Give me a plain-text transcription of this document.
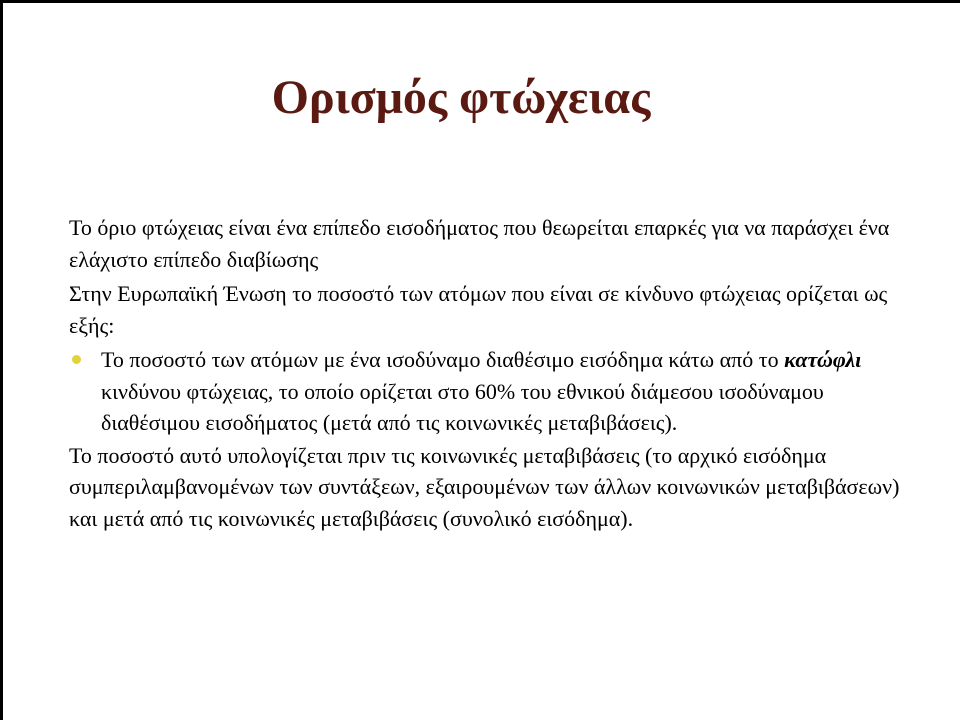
Ορισμός φτώχειας

Το όριο φτώχειας είναι ένα επίπεδο εισοδήματος που θεωρείται επαρκές για να παράσχει ένα ελάχιστο επίπεδο διαβίωσης

Στην Ευρωπαϊκή Ένωση το ποσοστό των ατόμων που είναι σε κίνδυνο φτώχειας ορίζεται ως εξής:

Το ποσοστό των ατόμων με ένα ισοδύναμο διαθέσιμο εισόδημα κάτω από το κατώφλι κινδύνου φτώχειας, το οποίο ορίζεται στο 60% του εθνικού διάμεσου ισοδύναμου διαθέσιμου εισοδήματος (μετά από τις κοινωνικές μεταβιβάσεις).

Το ποσοστό αυτό υπολογίζεται πριν τις κοινωνικές μεταβιβάσεις (το αρχικό εισόδημα συμπεριλαμβανομένων των συντάξεων, εξαιρουμένων των άλλων κοινωνικών μεταβιβάσεων) και μετά από τις κοινωνικές μεταβιβάσεις (συνολικό εισόδημα).
